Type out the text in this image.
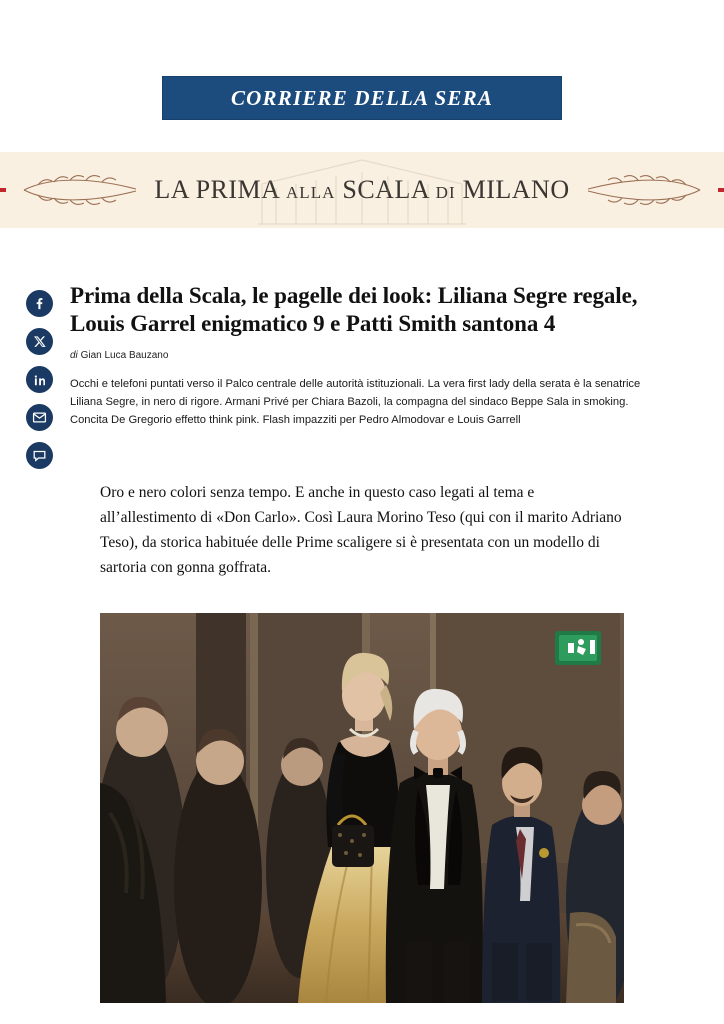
CORRIERE DELLA SERA
LA PRIMA ALLA SCALA DI MILANO
Prima della Scala, le pagelle dei look: Liliana Segre regale, Louis Garrel enigmatico 9 e Patti Smith santona 4
di Gian Luca Bauzano
Occhi e telefoni puntati verso il Palco centrale delle autorità istituzionali. La vera first lady della serata è la senatrice Liliana Segre, in nero di rigore. Armani Privé per Chiara Bazoli, la compagna del sindaco Beppe Sala in smoking. Concita De Gregorio effetto think pink. Flash impazziti per Pedro Almodovar e Louis Garrell
Oro e nero colori senza tempo. E anche in questo caso legati al tema e all’allestimento di «Don Carlo». Così Laura Morino Teso (qui con il marito Adriano Teso), da storica habituée delle Prime scaligere si è presentata con un modello di sartoria con gonna goffrata.
